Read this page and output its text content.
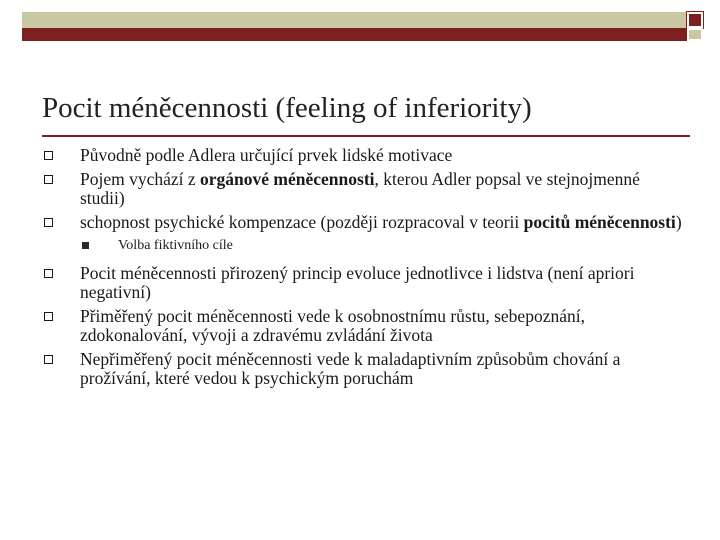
Pocit méněcennosti (feeling of inferiority)
Původně podle Adlera určující prvek lidské motivace
Pojem vychází z orgánové méněcennosti, kterou Adler popsal ve stejnojmenné studii)
schopnost psychické kompenzace (později rozpracoval v teorii pocitů méněcennosti)
Volba fiktivního cíle
Pocit méněcennosti přirozený princip evoluce jednotlivce i lidstva (není apriori negativní)
Přiměřený pocit méněcennosti vede k osobnostnímu růstu, sebepoznání, zdokonalování, vývoji a zdravému zvládání života
Nepřiměřený pocit méněcennosti vede k maladaptivním způsobům chování a prožívání, které vedou k psychickým poruchám
